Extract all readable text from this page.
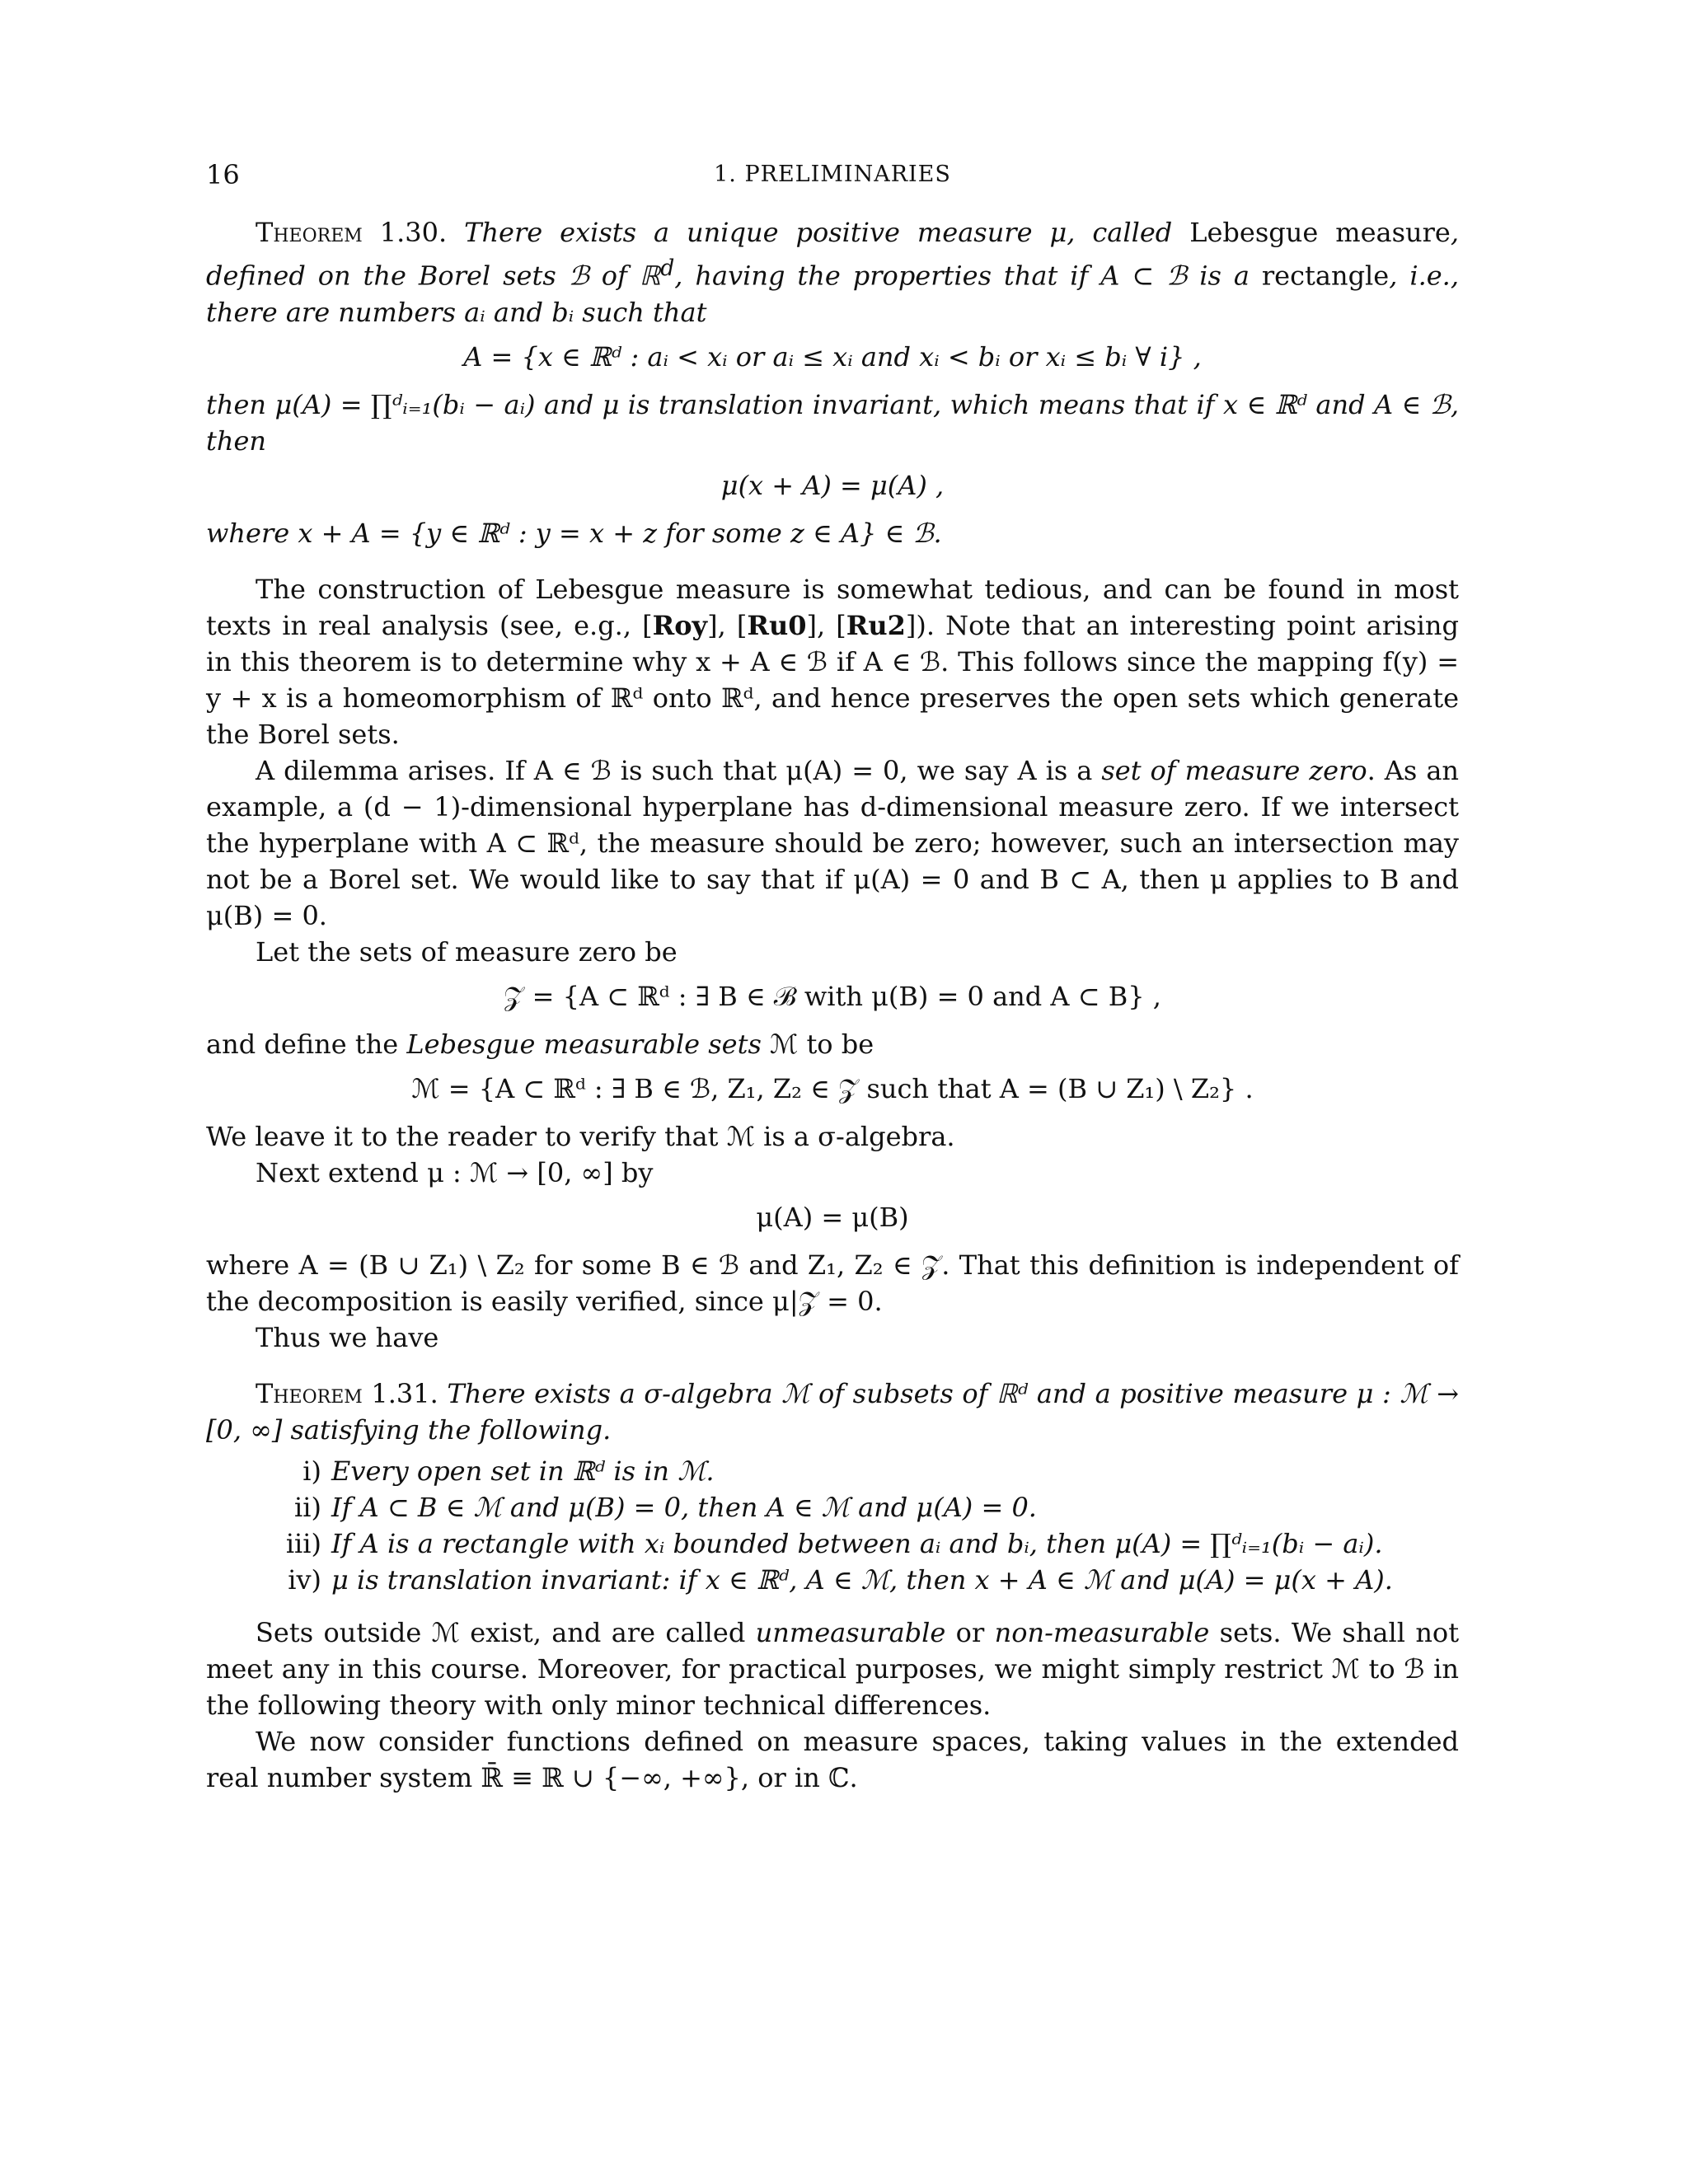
16	1. PRELIMINARIES

Theorem 1.30. There exists a unique positive measure μ, called Lebesgue measure, defined on the Borel sets ℬ of ℝ$^d$, having the properties that if A ⊂ ℬ is a rectangle, i.e., there are numbers aᵢ and bᵢ such that

A = {x ∈ ℝᵈ : aᵢ < xᵢ or aᵢ ≤ xᵢ and xᵢ < bᵢ or xᵢ ≤ bᵢ ∀ i} ,

then μ(A) = ∏ᵈᵢ₌₁(bᵢ − aᵢ) and μ is translation invariant, which means that if x ∈ ℝᵈ and A ∈ ℬ, then

μ(x + A) = μ(A) ,

where x + A = {y ∈ ℝᵈ : y = x + z for some z ∈ A} ∈ ℬ.

The construction of Lebesgue measure is somewhat tedious, and can be found in most texts in real analysis (see, e.g., [Roy], [Ru0], [Ru2]). Note that an interesting point arising in this theorem is to determine why x + A ∈ ℬ if A ∈ ℬ. This follows since the mapping f(y) = y + x is a homeomorphism of ℝᵈ onto ℝᵈ, and hence preserves the open sets which generate the Borel sets.

A dilemma arises. If A ∈ ℬ is such that μ(A) = 0, we say A is a set of measure zero. As an example, a (d − 1)-dimensional hyperplane has d-dimensional measure zero. If we intersect the hyperplane with A ⊂ ℝᵈ, the measure should be zero; however, such an intersection may not be a Borel set. We would like to say that if μ(A) = 0 and B ⊂ A, then μ applies to B and μ(B) = 0.

Let the sets of measure zero be

𝒵 = {A ⊂ ℝᵈ : ∃ B ∈ ℬ with μ(B) = 0 and A ⊂ B} ,

and define the Lebesgue measurable sets ℳ to be

ℳ = {A ⊂ ℝᵈ : ∃ B ∈ ℬ, Z₁, Z₂ ∈ 𝒵 such that A = (B ∪ Z₁) \ Z₂} .

We leave it to the reader to verify that ℳ is a σ-algebra.

Next extend μ : ℳ → [0, ∞] by

μ(A) = μ(B)

where A = (B ∪ Z₁) \ Z₂ for some B ∈ ℬ and Z₁, Z₂ ∈ 𝒵. That this definition is independent of the decomposition is easily verified, since μ|𝒵 = 0.

Thus we have

Theorem 1.31. There exists a σ-algebra ℳ of subsets of ℝᵈ and a positive measure μ : ℳ → [0, ∞] satisfying the following.

i) Every open set in ℝᵈ is in ℳ.
ii) If A ⊂ B ∈ ℳ and μ(B) = 0, then A ∈ ℳ and μ(A) = 0.
iii) If A is a rectangle with xᵢ bounded between aᵢ and bᵢ, then μ(A) = ∏ᵈᵢ₌₁(bᵢ − aᵢ).
iv) μ is translation invariant: if x ∈ ℝᵈ, A ∈ ℳ, then x + A ∈ ℳ and μ(A) = μ(x + A).

Sets outside ℳ exist, and are called unmeasurable or non-measurable sets. We shall not meet any in this course. Moreover, for practical purposes, we might simply restrict ℳ to ℬ in the following theory with only minor technical differences.

We now consider functions defined on measure spaces, taking values in the extended real number system ℝ̄ ≡ ℝ ∪ {−∞, +∞}, or in ℂ.
